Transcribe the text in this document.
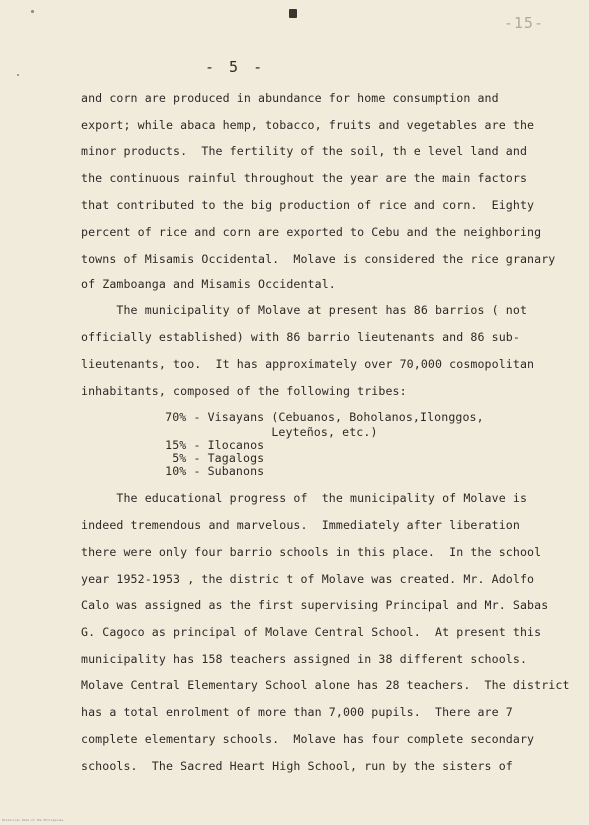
-15-
- 5 -
and corn are produced in abundance for home consumption and
export; while abaca hemp, tobacco, fruits and vegetables are the
minor products.  The fertility of the soil, th e level land and
the continuous rainful throughout the year are the main factors
that contributed to the big production of rice and corn.  Eighty
percent of rice and corn are exported to Cebu and the neighboring
towns of Misamis Occidental.  Molave is considered the rice granary
of Zamboanga and Misamis Occidental.
The municipality of Molave at present has 86 barrios ( not
officially established) with 86 barrio lieutenants and 86 sub-
lieutenants, too.  It has approximately over 70,000 cosmopolitan
inhabitants, composed of the following tribes:
70% - Visayans (Cebuanos, Boholanos,Ilonggos,
Leyteños, etc.)
15% - Ilocanos
5% - Tagalogs
10% - Subanons
The educational progress of  the municipality of Molave is
indeed tremendous and marvelous.  Immediately after liberation
there were only four barrio schools in this place.  In the school
year 1952-1953 , the distric t of Molave was created. Mr. Adolfo
Calo was assigned as the first supervising Principal and Mr. Sabas
G. Cagoco as principal of Molave Central School.  At present this
municipality has 158 teachers assigned in 38 different schools.
Molave Central Elementary School alone has 28 teachers.  The district
has a total enrolment of more than 7,000 pupils.  There are 7
complete elementary schools.  Molave has four complete secondary
schools.  The Sacred Heart High School, run by the sisters of
Historical Data of the Philippines
